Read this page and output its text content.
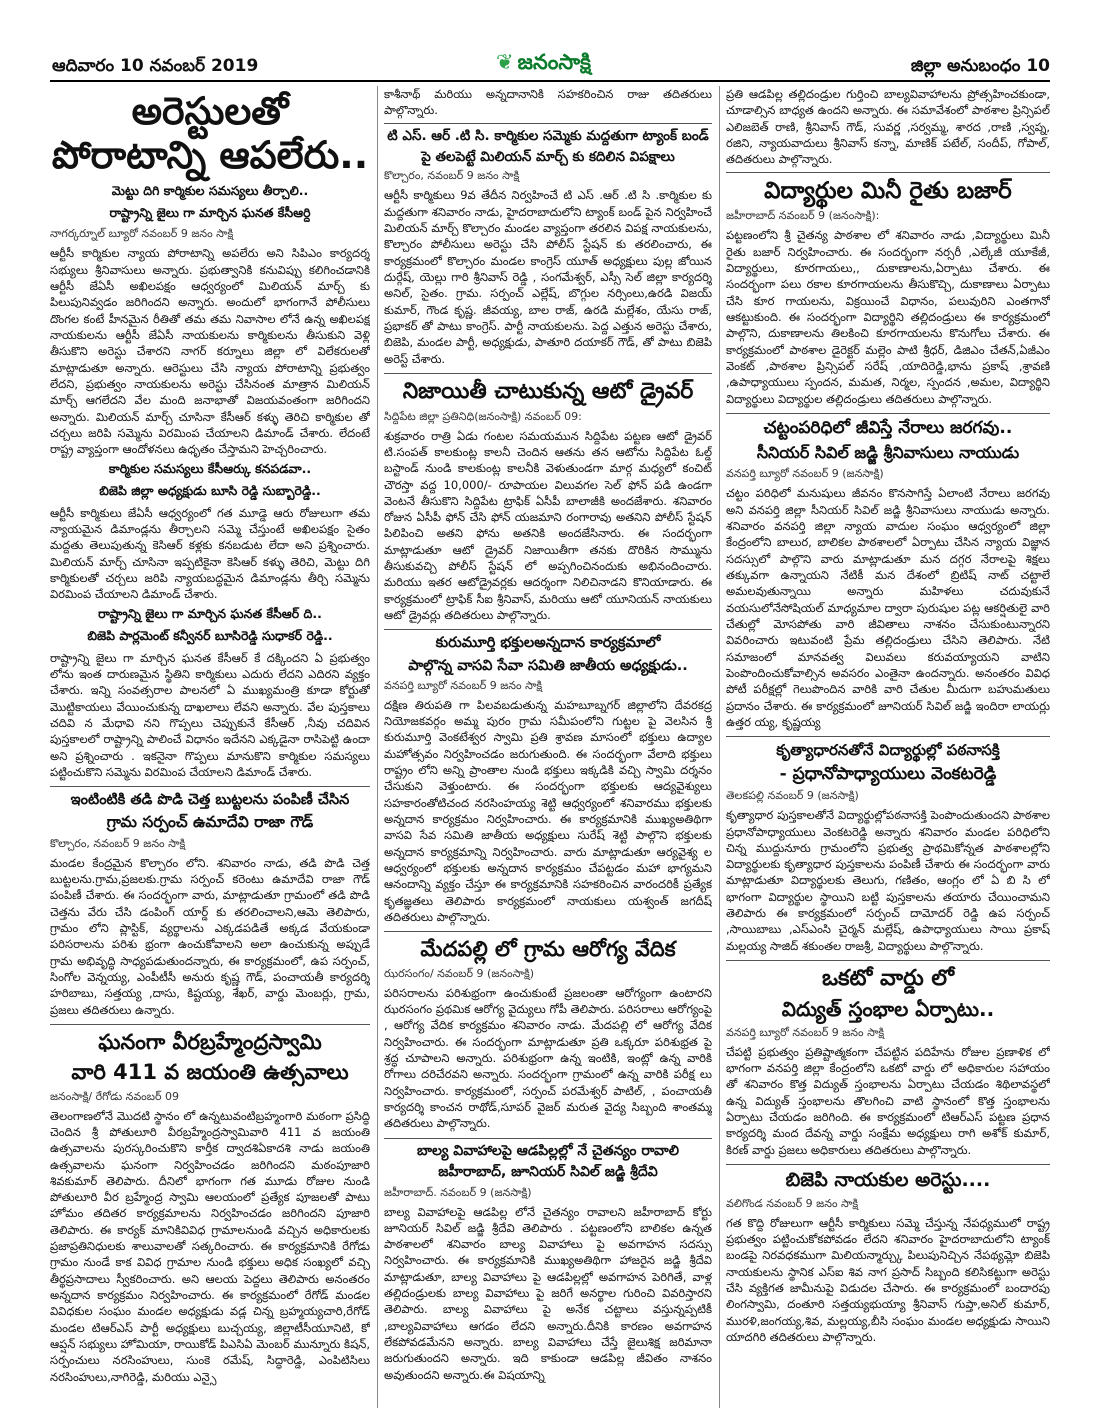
ఆదివారం 10 నవంబర్ 2019	❦ జనంసాక్షి	జిల్లా అనుబంధం 10
అరెస్టులతో పోరాటాన్ని ఆపలేరు..
మెట్టు దిగి కార్మికుల సమస్యలు తీర్చాలి..
రాష్ట్రాన్ని జైలు గా మార్చిన ఘనత కేసీఆర్ది
నాగర్కర్నూల్ బ్యూరో నవంబర్ 9 జనం సాక్షి
ఆర్టీసీ కార్మికుల న్యాయ పోరాటాన్ని అపలేరు అని సిపిఎం కార్యదర్శ సభ్యులు శ్రీనివాసులు అన్నారు. ప్రభుత్వానికి కనువిప్పు కలిగించడానికి ఆర్టీసీ జేఏసీ అఖిలపక్షం ఆధ్వర్యంలో మిలియన్ మార్చ్ కు పిలుపునివ్వడం జరిగిందని అన్నారు. అందులో భాగంగానే పోలీసులు దొంగల కంటే హీనమైన రీతితో తమ తమ నివాసాల లోనే ఉన్న అఖిలపక్ష నాయకులను ఆర్టీసీ జేఏసీ నాయకులను కార్మికులను తీసుకుని వెళ్లి తీసుకొని అరెస్టు చేశారని నాగర్ కర్నూలు జిల్లా లో విలేకరులతో మాట్లాడుతూ అన్నారు. ఆరెస్టులు చేసి న్యాయ పోరాటాన్ని ప్రభుత్వం లేదని, ప్రభుత్వం నాయకులను అరెస్టు చేసినంత మాత్రాన మిలియన్ మార్చ్ ఆగలేదని వేల మంది జనాభాతో విజయవంతంగా జరిగిందని అన్నారు. మిలియన్ మార్చ్ చూసినా కేసీఆర్ కళ్ళు తెరిచి కార్మికుల తో చర్చలు జరిపి సమ్మెను విరమింప చేయాలని డిమాండ్ చేశారు. లేదంటే రాష్ట్ర వ్యాప్తంగా ఆందోళనలు ఉధృతం చేస్తామని హెచ్చరించారు.
కార్మికుల సమస్యలు కేసీఆర్కు కనపడవా..
బిజెపి జిల్లా అధ్యక్షుడు బూసి రెడ్డి సుబ్బారెడ్డి..
ఆర్టీసీ కార్మికులు జేఏసీ ఆధ్వర్యంలో గత మూడ్డె ఆరు రోజులుగా తమ న్యాయమైన డిమాండ్లను తీర్చాలని సమ్మె చేస్తుంటే అఖిలపక్షం సైతం మద్దతు తెలుపుతున్న కెసిఆర్ కళ్లకు కనబడుట లేదా అని ప్రశ్నించారు. మిలియన్ మార్చ్ చూసినా ఇప్పటికైనా కెసిఆర్ కళ్ళు తెరిచి, మెట్టు దిగి కార్మికులతో చర్చలు జరిపి న్యాయబద్ధమైన డిమాండ్లను తీర్చి సమ్మెను విరమింప చేయాలని డిమాండ్ చేశారు.
రాష్ట్రాన్ని జైలు గా మార్చిన ఘనత కేసీఆర్ ది..
బిజెపి పార్లమెంట్ కన్వీనర్ బూసిరెడ్డి సుధాకర్ రెడ్డి..
రాష్ట్రాన్ని జైలు గా మార్చిన ఘనత కేసీఆర్ కే దక్కిందని ఏ ప్రభుత్వం లోను ఇంత దారుణమైన స్థితిని కార్మికులు ఎదురు లేదని ఎదిరని వ్యక్తం చేశారు. ఇన్ని సంవత్సరాల పాలనలో ఏ ముఖ్యమంత్రి కూడా కోర్టుతో మొట్టికాయలు వేయించుకున్న దాఖలాలు లేవని అన్నారు. వేల పుస్తకాలు చదివి న మేధావి నని గొప్పలు చెప్పుకునే కేసీఆర్ ,నీవు చదివిన పుస్తకాలలో రాష్ట్రాన్ని పాలించే విధానం ఇదేనని ఎక్కడైనా రాసిపెట్టి ఉందా అని ప్రశ్నించారు . ఇకనైనా గొప్పలు మానుకొని కార్మికుల సమస్యలు పట్టించుకొని సమ్మెను విరమింప చేయాలని డిమాండ్ చేశారు.
ఇంటింటికి తడి పొడి చెత్త బుట్టలను పంపిణీ చేసిన
గ్రామ సర్పంచ్ ఉమాదేవి రాజా గౌడ్
కొల్చారం, నవంబర్ 9 జనం సాక్షి
మండల కేంద్రమైన కొల్చారం లోని. శనివారం నాడు, తడి పొడి చెత్త బుట్టలను.గ్రామ,ప్రజలకు.గ్రామ సర్పంచ్ కరెంటు ఉమాదేవి రాజా గౌడ్ పంపిణీ చేశారు. ఈ సందర్భంగా వారు, మాట్లాడుతూ గ్రామంలో తడి పొడి చెత్తను వేరు చేసి డంపింగ్ యార్డ్ కు తరలించాలని,ఆమె తెలిపారు, గ్రామం లోని ప్లాస్టిక్, వ్యర్థాలను ఎక్కడపడితే అక్కడ వేయకుండా పరిసరాలను పరిశు భ్రంగా ఉంచుకోవాలని అలా ఉంచుకున్న అప్పుడే గ్రామ అభివృద్ధి సాధ్యపడుతుందన్నారు, ఈ కార్యక్రమంలో, ఉప సర్పంచ్, సింగోల వెన్నయ్య, ఎంపీటీసీ అనురు కృష్ణ గౌడ్, పంచాయతీ కార్యదర్శి హరిబాబు, సత్తయ్య ,దాసు, కిష్టయ్య, శేఖర్, వార్డు మెంబర్లు, గ్రామ, ప్రజలు తదితరులు ఉన్నారు.
ఘనంగా వీరబ్రహ్మేంద్రస్వామి
వారి 411 వ జయంతి ఉత్సవాలు
జనంసాక్షి/ రేగోడు నవంబర్ 09
తెలంగాణలోనే మొదటి స్థానం లో ఉన్నటువంటిబ్రహ్మంగారి మఠంగా ప్రసిద్ధి చెందిన శ్రీ పోతులూరి వీరబ్రహ్మేంద్రస్వామివారి 411 వ జయంతి ఉత్సవాలను పురస్కరించుకొని కార్తీక ద్వాదశిఏకాదశి నాడు జయంతి ఉత్సవాలను ఘనంగా నిర్వహించడం జరిగిందని మఠంపూజారి శివకుమార్ తెలిపారు. దీనిలో భాగంగా గత మూడు రోజుల నుండి పోతులూరి వీర బ్రహ్మేంద్ర స్వామి ఆలయంలో ప్రత్యేక పూజలతో పాటు హోమం తదితర కార్యక్రమాలను నిర్వహించడం జరిగిందని పూజారి తెలిపారు. ఈ కార్యక్ మానికివివిధ గ్రామాలనుండి వచ్చిన అధికారులకు ప్రజాప్రతినిధులకు శాలువాలతో సత్కరించారు. ఈ కార్యక్రమానికి రేగోడు గ్రామం నుండే కాక వివిధ గ్రామాల నుండి భక్తులు అధిక సంఖ్యలో వచ్చి తీర్థప్రసాదాలు స్వీకరించారు. అని ఆలయ పెద్దలు తెలిపారు అనంతరం అన్నదాన కార్యక్రమం నిర్వహించారు. ఈ కార్యక్రమంలో రేగోడ్ మండల వివిధకుల సంఘం మండల అధ్యక్షుడు వడ్ల చిన్న బ్రహ్మయ్యచారి,రేగోడ్ మండల టిఆర్ఎస్ పార్టీ అధ్యక్షులు బుచ్చయ్య, జిల్లాటీసీయూనిటి, కో ఆప్షన్ సభ్యులు హోమియా, రాయికోడ్ పిఎసిఏ మెంబర్ మున్నూరు కిషన్, సర్పంచులు నరసింహులు, సుంకె రమేష్, సిద్ధారెడ్డి, ఎంపిటిసిలు నరసింహులు,నాగిరెడ్డి, మరియు ఎన్సై
కాశీనాథ్ మరియు అన్నదానానికి సహకరించిన రాజు తదితరులు పాల్గొన్నారు.
టి ఎస్. ఆర్ .టి సి. కార్మికుల సమ్మెకు మద్దతుగా ట్యాంక్ బండ్
పై తలపెట్టే మిలియన్ మార్చ్ కు కదిలిన విపక్షాలు
కొల్చారం, నవంబర్ 9 జనం సాక్షి
ఆర్టీసీ కార్మికులు 9వ తేదీన నిర్వహించే టి ఎస్ .ఆర్ .టి సి .కార్మికుల కు మద్దతుగా శనివారం నాడు, హైదరాబాదులోని ట్యాంక్ బండ్ పైన నిర్వహించే మిలియన్ మార్చ్ కొల్చారం మండల వ్యాప్తంగా తరలిన విపక్ష నాయకులను, కొల్చారం పోలీసులు అరెస్టు చేసి పోలీస్ స్టేషన్ కు తరలించారు, ఈ కార్యక్రమంలో కొల్చారం మండల కాంగ్రెస్ యూత్ అధ్యక్షులు పుల్ల జోయిన దుర్గేష్, యెల్లు గారి శ్రీనివాస్ రెడ్డి , సంగమేశ్వర్, ఎస్సీ సెల్ జిల్లా కార్యదర్శి అనిల్, సైతం. గ్రామ. సర్పంచ్ ఎల్లేష్, బొగ్గుల నర్సింలు,ఉరడి విజయ్ కుమార్, గౌండ కృష్ణ. జీవయ్య, బాల రాజ్, ఉరడి మల్లేశం, యేసు రాజ్, ప్రభాకర్ తో పాటు కాంగ్రెస్. పార్టీ నాయకులను. పెద్ద ఎత్తున అరెస్టు చేశారు, బిజెపి, మండల పార్టీ, అధ్యక్షుడు, పాతూరి దయాకర్ గౌడ్, తో పాటు బిజెపి అరెస్ట్ చేశారు.
నిజాయితీ చాటుకున్న ఆటో డ్రైవర్
సిద్దిపేట జిల్లా ప్రతినిధి(జనంసాక్షి) నవంబర్ 09:
శుక్రవారం రాత్రి ఏడు గంటల సమయమున సిద్దిపేట పట్టణ ఆటో డ్రైవర్ టి.సంపత్ కాలకుంట్ల కాలనీ చెందిన ఆతను తన ఆటోను సిద్దిపేట ఓల్డ్ బస్టాండ్ నుండి కాలకుంట్ల కాలనీకి వెళుతుండగా మార్గ మధ్యలో కంచిట్ చౌరస్తా వద్ద 10,000/- రూపాయల విలువగల సెల్ ఫోన్ పడి ఉండగా వెంటనే తీసుకొని సిద్దిపేట ట్రాఫిక్ ఏసీపీ బాలాజీకి అందజేశారు. శనివారం రోజున ఏసీపీ ఫోన్ చేసి ఫోన్ యజమాని రంగారావు అతనిని పోలీస్ స్టేషన్ పిలిపించి అతని ఫోను అతనికి అందజేసినారు. ఈ సందర్భంగా మాట్లాడుతూ ఆటో డ్రైవర్ నిజాయితీగా తనకు దొరికిన సొమ్మును తీసుకువచ్చి పోలీస్ స్టేషన్ లో అప్పగించినందుకు అభినందించారు. మరియు ఇతర ఆటోడ్రైవర్లకు ఆదర్శంగా నిలిచినాడని కొనియాడారు. ఈ కార్యక్రమంలో ట్రాఫిక్ సీఐ శ్రీనివాస్, మరియు ఆటో యూనియన్ నాయకులు ఆటో డ్రైవర్లు తదితరులు పాల్గొన్నారు.
కురుమూర్తి భక్తులఅన్నదాన కార్యక్రమాలో
పాల్గొన్న వాసవి సేవా సమితి జాతీయ అధ్యక్షుడు..
వనపర్తి బ్యూరో నవంబర్ 9 జనం సాక్షి
దక్షిణ తిరుపతి గా పిలవబడుతున్న మహబూబ్నగర్ జిల్లాలోని దేవరకద్ర నియోజకవర్గం అమ్మ పురం గ్రామ సమీపంలోని గుట్టల పై వెలసిన శ్రీ కురుమూర్తి వెంకటేశ్వర స్వామి ప్రతి శ్రావణ మాసంలో భక్తులు ఉద్యాల మహోత్సవం నిర్వహించడం జరుగుతుంది. ఈ సందర్భంగా వేలాది భక్తులు రాష్ట్రం లోని అన్ని ప్రాంతాల నుండి భక్తులు ఇక్కడికి వచ్చి స్వామి దర్శనం చేసుకుని వెళ్తుంటారు. ఈ సందర్భంగా భక్తులకు ఆద్యవైశ్యులు సహకారంతోటిచంద నరసింహయ్య శెట్టి ఆధ్వర్యంలో శనివారము భక్తులకు అన్నదాన కార్యక్రమం నిర్వహించారు. ఈ కార్యక్రమానికి ముఖ్యఅతిథిగా వాసవి సేవ సమితి జాతీయ అధ్యక్షులు సురేష్ శెట్టి పాల్గొని భక్తులకు అన్నదాన కార్యక్రమాన్ని నిర్వహించారు. వారు మాట్లాడుతూ ఆర్యవైశ్య ల ఆధ్వర్యంలో భక్తులకు అన్నదాన కార్యక్రమం చేపట్టడం మహా భాగ్యమని ఆనందాన్ని వ్యక్తం చేస్తూ ఈ కార్యక్రమానికి సహకరించిన వారందరికీ ప్రత్యేక కృతజ్ఞతలు తెలిపారు కార్యక్రమంలో నాయకులు యశ్వంత్ జగదీష్ తదితరులు పాల్గొన్నారు.
మేదపల్లి లో గ్రామ ఆరోగ్య వేదిక
ఝరసంగం/ నవంబర్ 9 (జనంసాక్షి)
పరిసరాలను పరిశుభ్రంగా ఉంచుకుంటే ప్రజలంతా ఆరోగ్యంగా ఉంటారని ఝరసంగం ప్రథమిక ఆరోగ్య వైద్యులు గోపీ తెలిపారు. పరిసరాలు ఆరోగ్యంపై , ఆరోగ్య వేదిక కార్యక్రమం శనివారం నాడు. మేదపల్లి లో ఆరోగ్య వేదిక నిర్వహించారు. ఈ సందర్భంగా మాట్లాడుతూ ప్రతి ఒక్కరూ పరిశుభ్రత పై శ్రద్ధ చూపాలని అన్నారు. పరిశుభ్రంగా ఉన్న ఇంటికి, ఇంట్లో ఉన్న వారికి రోగాలు దరిచేరవని అన్నారు. సందర్భంగా గ్రామంలో ఉన్న వారికి పరీక్ష లు నిర్వహించారు. కార్యక్రమంలో, సర్పంచ్ పరమేశ్వర్ పాటిల్, , పంచాయతీ కార్యదర్శి కాంచన రాథోడ్,సూపర్ వైజర్ మరుత వైద్య సిబ్బంది శాంతమ్మ తదితరులు పాల్గొన్నారు.
బాల్య వివాహాలపై ఆడపిల్లల్లో నే చైతన్యం రావాలి
జహీరాబాద్, జూనియర్ సివిల్ జడ్జి శ్రీదేవి
జహీరాబాద్. నవంబర్ 9 (జనసాక్షి)
బాల్య వివాహాలపై ఆడపిల్ల లోనే చైతన్యం రావాలని జహీరాబాద్ కోర్టు జూనియర్ సివిల్ జడ్జి శ్రీదేవి తెలిపారు . పట్టణంలోని బాలికల ఉన్నత పాఠశాలలో శనివారం బాల్య వివాహాలు పై అవగాహన సదస్సు నిర్వహించారు. ఈ కార్యక్రమానికి ముఖ్యఅతిథిగా హాజరైన జడ్జి శ్రీదేవి మాట్లాడుతూ, బాల్య వివాహాలు పై ఆడపిల్లల్లో అవగాహన పెరిగితే, వాళ్ల తల్లిదండ్రులకు బాల్య వివాహాలు పై జరిగే అనర్థాల గురించి వివరిస్తారని తెలిపారు. బాల్య వివాహాలు పై అనేక చట్టాలు వస్తున్నప్పటికీ ,బాల్యవివాహాలు ఆగడం లేదని అన్నారు.దీనికి కారణం అవగాహన లేకపోవడమేనని అన్నారు. బాల్య వివాహాలు చేస్తే జైలుశిక్ష జరిమానా జరుగుతుందని అన్నారు. ఇది కాకుండా ఆడపిల్ల జీవితం నాశనం అవుతుందని అన్నారు.ఈ విషయాన్ని
ప్రతి ఆడపిల్ల తల్లిదండ్రుల గుర్తించి బాల్యవివాహాలను ప్రోత్సహించకుండా, చూడాల్సిన బాధ్యత ఉందని అన్నారు. ఈ సమావేశంలో పాఠశాల ప్రిన్సిపల్ ఎలిజబెత్ రాణి, శ్రీనివాస్ గౌడ్, సువర్ణ ,సర్వమ్మ, శారద ,రాణి ,స్వప్న, రజిని, న్యాయవాదులు శ్రీనివాస్ కన్నా, మాణిక్ పటేల్, సందీప్, గోపాల్, తదితరులు పాల్గొన్నారు.
విద్యార్థుల మినీ రైతు బజార్
జహీరాబాద్ నవంబర్ 9 (జనంసాక్షి):
పట్టణంలోని శ్రీ చైతన్య పాఠశాల లో శనివారం నాడు ,విద్యార్థులు మినీ రైతు బజార్ నిర్వహించారు. ఈ సందర్భంగా నర్సరీ ,ఎల్కేజీ యూకేజీ, విద్యార్థులు, కూరగాయలు,, దుకాణాలను,ఏర్పాటు చేశారు. ఈ సందర్భంగా పలు రకాల కూరగాయలను తీసుకొచ్చి, దుకాణాలు ఏర్పాటు చేసి కూర గాయలను, విక్రయించే విధానం, పలువురిని ఎంతగానో ఆకట్టుకుంది. ఈ సందర్భంగా విద్యార్థిని తల్లిదండ్రులు ఈ కార్యక్రమంలో పాల్గొని, దుకాణాలను తిలకించి కూరగాయలను కొనుగోలు చేశారు. ఈ కార్యక్రమంలో పాఠశాల డైరెక్టర్ మల్లెం పాటి శ్రీధర్, డిజిఎం చేతన్,ఏజీఎం వెంకట్ ,పాఠశాల ప్రిన్సిపల్ సరేష్ ,యాదిరెడ్డి,భాను ప్రకాష్ ,శ్రావణి ,ఉపాధ్యాయులు స్పందన, మమత, నిర్మల, స్పందన ,అమల, విద్యార్థిని విద్యార్థులు విద్యార్థుల తల్లిదండ్రులు తదితరులు పాల్గొన్నారు.
చట్టంపరిధిలో జీవిస్తే నేరాలు జరగవు..
సీనియర్ సివిల్ జడ్జి శ్రీనివాసులు నాయుడు
వనపర్తి బ్యూరో నవంబర్ 9 (జనసాక్షి)
చట్టం పరిధిలో మనుషులు జీవనం కొనసాగిస్తే ఏలాంటి నేరాలు జరగవు అని వనపర్తి జిల్లా సీనియర్ సివిల్ జడ్జి శ్రీనివాసులు నాయుడు అన్నారు. శనివారం వనపర్తి జిల్లా న్యాయ వాదుల సంఘం ఆధ్వర్యంలో జిల్లా కేంద్రంలోని బాలుర, బాలికల పాఠశాలలో ఏర్పాటు చేసిన న్యాయ విజ్ఞాన సదస్సులో పాల్గొని వారు మాట్లాడుతూ మన దగ్గర నేరాలపై శిక్షలు తక్కువగా ఉన్నాయని నేటికీ మన దేశంలో బ్రిటిష్ నాట్ చట్టాలే అమలవుతున్నాయి అన్నారు మహిళలు చదువుకునే వయసులోనేసోషియల్ మాధ్యమాల ద్వారా పురుషుల పట్ల ఆకర్షితులై వారి చేతుల్లో మోసపోతు వారి జీవితాలు నాశనం చేసుకుంటున్నారని వివరించారు ఇటువంటి ప్రేమ తల్లిదండ్రులు చేసిని తెలిపారు. నేటి సమాజంలో మానవత్వ విలువలు కరువయ్యాయని వాటిని పెంపొందించుకోవాల్సిన అవసరం ఎంతైనా ఉందన్నారు. అనంతరం వివిధ పోటీ పరీక్షల్లో గెలుపొందిన వారికి వారి చేతుల మీదుగా బహుమతులు ప్రదానం చేశారు. ఈ కార్యక్రమంలో జూనియర్ సివిల్ జడ్జి ఇందిరా లాయర్లు ఉత్తర య్య, కృష్ణయ్య
కృత్యాధారనతోనే విద్యార్థుల్లో పఠనాసక్తి
- ప్రధానోపాధ్యాయులు వెంకటరెడ్డి
తెలకపల్లి నవంబర్ 9 (జనసాక్షి)
కృత్యాధార పుస్తకాలతోనే విద్యార్థుల్లోపఠనాసక్తి పెంపొందుతుందని పాఠశాల ప్రధానోపాధ్యాయులు వెంకటరెడ్డి అన్నారు శనివారం మండల పరిధిలోని చిన్న ముద్దునూరు గ్రామంలోని ప్రభుత్వ ప్రాథమికోన్నత పాఠశాలల్లోని విద్యార్థులకు కృత్యాధార పుస్తకాలను పంపిణీ చేశారు ఈ సందర్భంగా వారు మాట్లాడుతూ విద్యార్థులకు తెలుగు, గణితం, ఆంగ్లం లో ఏ బి సి లో భాగంగా విద్యార్థుల స్థాయిని బట్టి పుస్తకాలను తయారు చేయించామని తెలిపారు ఈ కార్యక్రమంలో సర్పంచ్ దామోదర్ రెడ్డి ఉప సర్పంచ్ ,సాయిబాబు ,ఎస్ఎంసి చైర్మన్ మల్లేష్, ఉపాధ్యాయులు సాయి ప్రకాష్ మల్లయ్య సాజిద్ శకుంతల రాజశ్రీ, విద్యార్థులు పాల్గొన్నారు.
ఒకటో వార్డు లో
విద్యుత్ స్తంభాల ఏర్పాటు..
వనపర్తి బ్యూరో నవంబర్ 9 జనం సాక్షి
చేపట్టి ప్రభుత్వం ప్రతిష్టాత్మకంగా చేపట్టిన పదిహేను రోజుల ప్రణాళిక లో భాగంగా వనపర్తి జిల్లా కేంద్రంలోని ఒకటో వార్డు లో అధికారుల సహాయం తో శనివారం కొత్త విద్యుత్ స్తంభాలను ఏర్పాటు చేయడం శిథిలావస్థలో ఉన్న విద్యుత్ స్తంభాలను తొలగించి వాటి స్థానంలో కొత్త స్తంభాలను ఏర్పాటు చేయడం జరిగింది. ఈ కార్యక్రమంలో టిఆర్ఎస్ పట్టణ ప్రధాన కార్యదర్శి మంద దేవన్న వార్డు సంక్షేమ అధ్యక్షులు రాగి అశోక్ కుమార్, కిరణ్ వార్డు ప్రజలు అధికారులు తదితరులు పాల్గొన్నారు.
బిజెపి నాయకుల అరెస్టు....
వలిగొండ నవంబర్ 9 జనం సాక్షి
గత కొద్ది రోజులుగా ఆర్టీసీ కార్మికులు సమ్మె చేస్తున్న నేపధ్యములో రాష్ట్ర ప్రభుత్వం పట్టించుకోకపోవడం లేదని శనివారం హైదరాబాదులోని ట్యాంక్ బండపై నిరవధకముగా మిలియన్మార్చ్కు పిలుపునిచ్చిన నేపథ్యమ్లో బిజెపి నాయకులను స్థానిక ఎస్ఐ శివ నాగ ప్రసాద్ సిబ్బంది కలిసికట్టుగా అరెస్టు చేసి వ్యక్తిగత జామీనుపై విడుదల చేసారు. ఈ కార్యక్రమంలో బందారపు లింగస్వామి, దంతూరి సత్తయ్యభుయ్యా శ్రీనివాస్ గుప్తా,అనిల్ కుమార్, మురళి,జంగయ్య,శివ, మల్లయ్య,బీసి సంఘం మండల అధ్యక్షుడు సాయిని యాదగిరి తదితరులు పాల్గొన్నారు.
